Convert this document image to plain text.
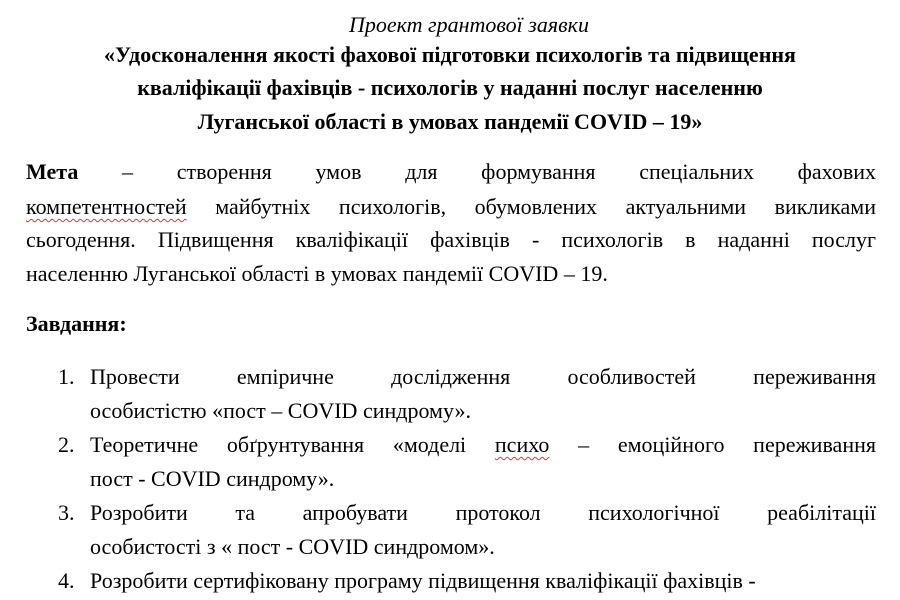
Проект грантової заявки
«Удосконалення якості фахової підготовки психологів та підвищення
кваліфікації фахівців - психологів у наданні послуг населенню
Луганської області в умовах пандемії COVID – 19»
Мета – створення умов для формування спеціальних фахових
компетентностей майбутніх психологів, обумовлених актуальними викликами
сьогодення. Підвищення кваліфікації фахівців - психологів в наданні послуг
населенню Луганської області в умовах пандемії COVID – 19.
Завдання:
1. Провести емпіричне дослідження особливостей переживання
особистістю «пост – COVID синдрому».
2. Теоретичне обґрунтування «моделі психо – емоційного переживання
пост - COVID синдрому».
3. Розробити та апробувати протокол психологічної реабілітації
особистості з « пост - COVID синдромом».
4. Розробити сертифіковану програму підвищення кваліфікації фахівців -
